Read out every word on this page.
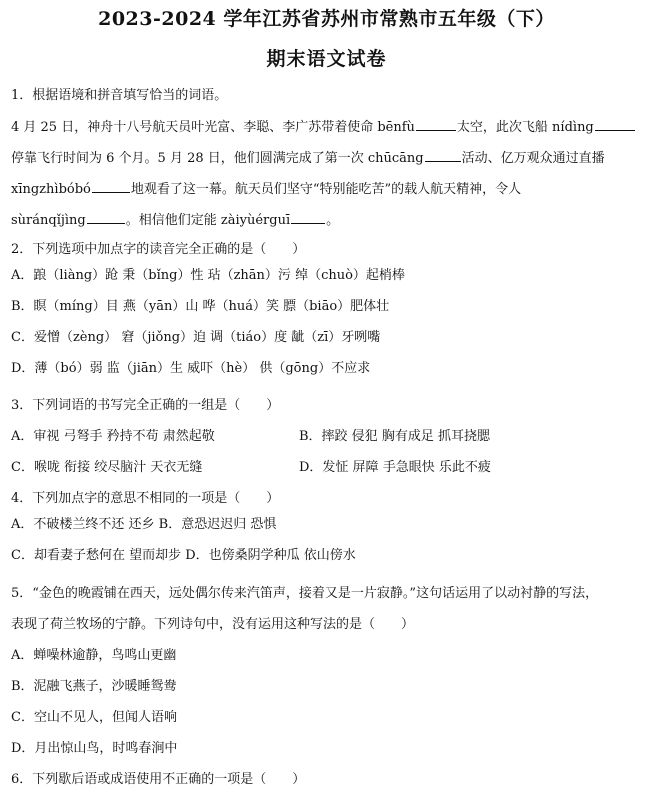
2023-2024 学年江苏省苏州市常熟市五年级（下）
期末语文试卷
1．根据语境和拼音填写恰当的词语。
4 月 25 日，神舟十八号航天员叶光富、李聪、李广苏带着使命 bēnfù	太空，此次飞船 nídìng
停靠飞行时间为 6 个月。5 月 28 日，他们圆满完成了第一次 chūcāng	活动、亿万观众通过直播
xīngzhìbóbó	地观看了这一幕。航天员们坚守“特别能吃苦”的载人航天精神，令人
sùránqǐjìng	。相信他们定能 zàiyùérguī	。
2．下列选项中加点字的读音完全正确的是（　　）
A．踉（liàng）跄 秉（bǐng）性 玷（zhān）污 绰（chuò）起梢棒
B．瞑（míng）目 燕（yān）山 哗（huá）笑 膘（biāo）肥体壮
C．爱憎（zèng） 窘（jiǒng）迫 调（tiáo）度 龇（zī）牙咧嘴
D．薄（bó）弱 监（jiān）生 威吓（hè） 供（gōng）不应求
3．下列词语的书写完全正确的一组是（　　）
A．审视 弓弩手 矜持不苟 肃然起敬	B．摔跤 侵犯 胸有成足 抓耳挠腮
C．喉咙 衔接 绞尽脑汁 天衣无缝	D．发怔 屏障 手急眼快 乐此不疲
4．下列加点字的意思不相同的一项是（　　）
A．不破楼兰终不还 还乡 B．意恐迟迟归 恐惧
C．却看妻子愁何在 望而却步 D．也傍桑阴学种瓜 依山傍水
5．“金色的晚霞铺在西天，远处偶尔传来汽笛声，接着又是一片寂静。”这句话运用了以动衬静的写法，
表现了荷兰牧场的宁静。下列诗句中，没有运用这种写法的是（　　）
A．蝉噪林逾静，鸟鸣山更幽
B．泥融飞燕子，沙暖睡鸳鸯
C．空山不见人，但闻人语响
D．月出惊山鸟，时鸣春涧中
6．下列歇后语或成语使用不正确的一项是（　　）
